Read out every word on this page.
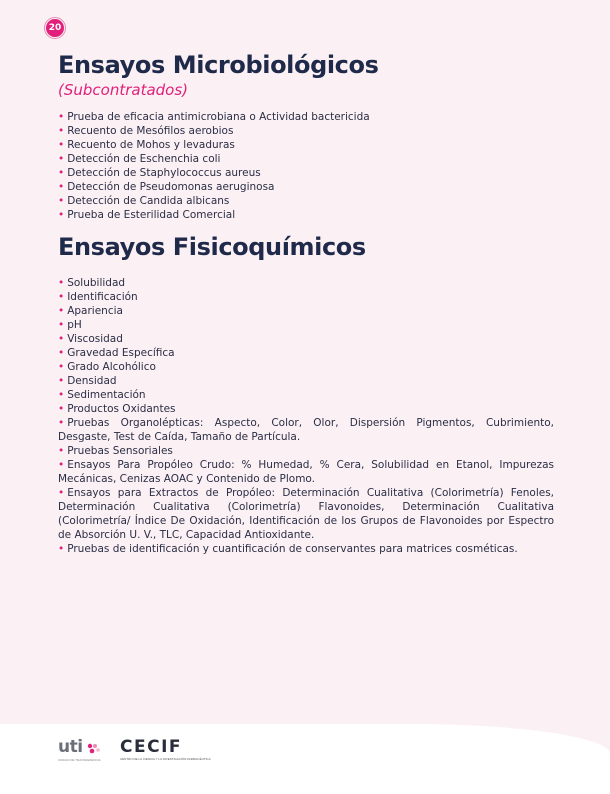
20
Ensayos Microbiológicos

(Subcontratados)

• Prueba de eficacia antimicrobiana o Actividad bactericida
• Recuento de Mesófilos aerobios
• Recuento de Mohos y levaduras
• Detección de Eschenchia coli
• Detección de Staphylococcus aureus
• Detección de Pseudomonas aeruginosa
• Detección de Candida albicans
• Prueba de Esterilidad Comercial
Ensayos Fisicoquímicos
• Solubilidad
• Identificación
• Apariencia
• pH
• Viscosidad
• Gravedad Específica
• Grado Alcohólico
• Densidad
• Sedimentación
• Productos Oxidantes
• Pruebas Organolépticas: Aspecto, Color, Olor, Dispersión Pigmentos, Cubrimiento, Desgaste, Test de Caída, Tamaño de Partícula.
• Pruebas Sensoriales
• Ensayos Para Propóleo Crudo: % Humedad, % Cera, Solubilidad en Etanol, Impurezas Mecánicas, Cenizas AOAC y Contenido de Plomo.
• Ensayos para Extractos de Propóleo: Determinación Cualitativa (Colorimetría) Fenoles, Determinación Cualitativa (Colorimetría) Flavonoides, Determinación Cualitativa (Colorimetría/ Índice De Oxidación, Identificación de los Grupos de Flavonoides por Espectro de Absorción U. V., TLC, Capacidad Antioxidante.
• Pruebas de identificación y cuantificación de conservantes para matrices cosméticas.
uti
UNIDAD DE TRANSFERENCIA
CECIF
CENTRO DE LA CIENCIA Y LA INVESTIGACIÓN FARMACÉUTICA
